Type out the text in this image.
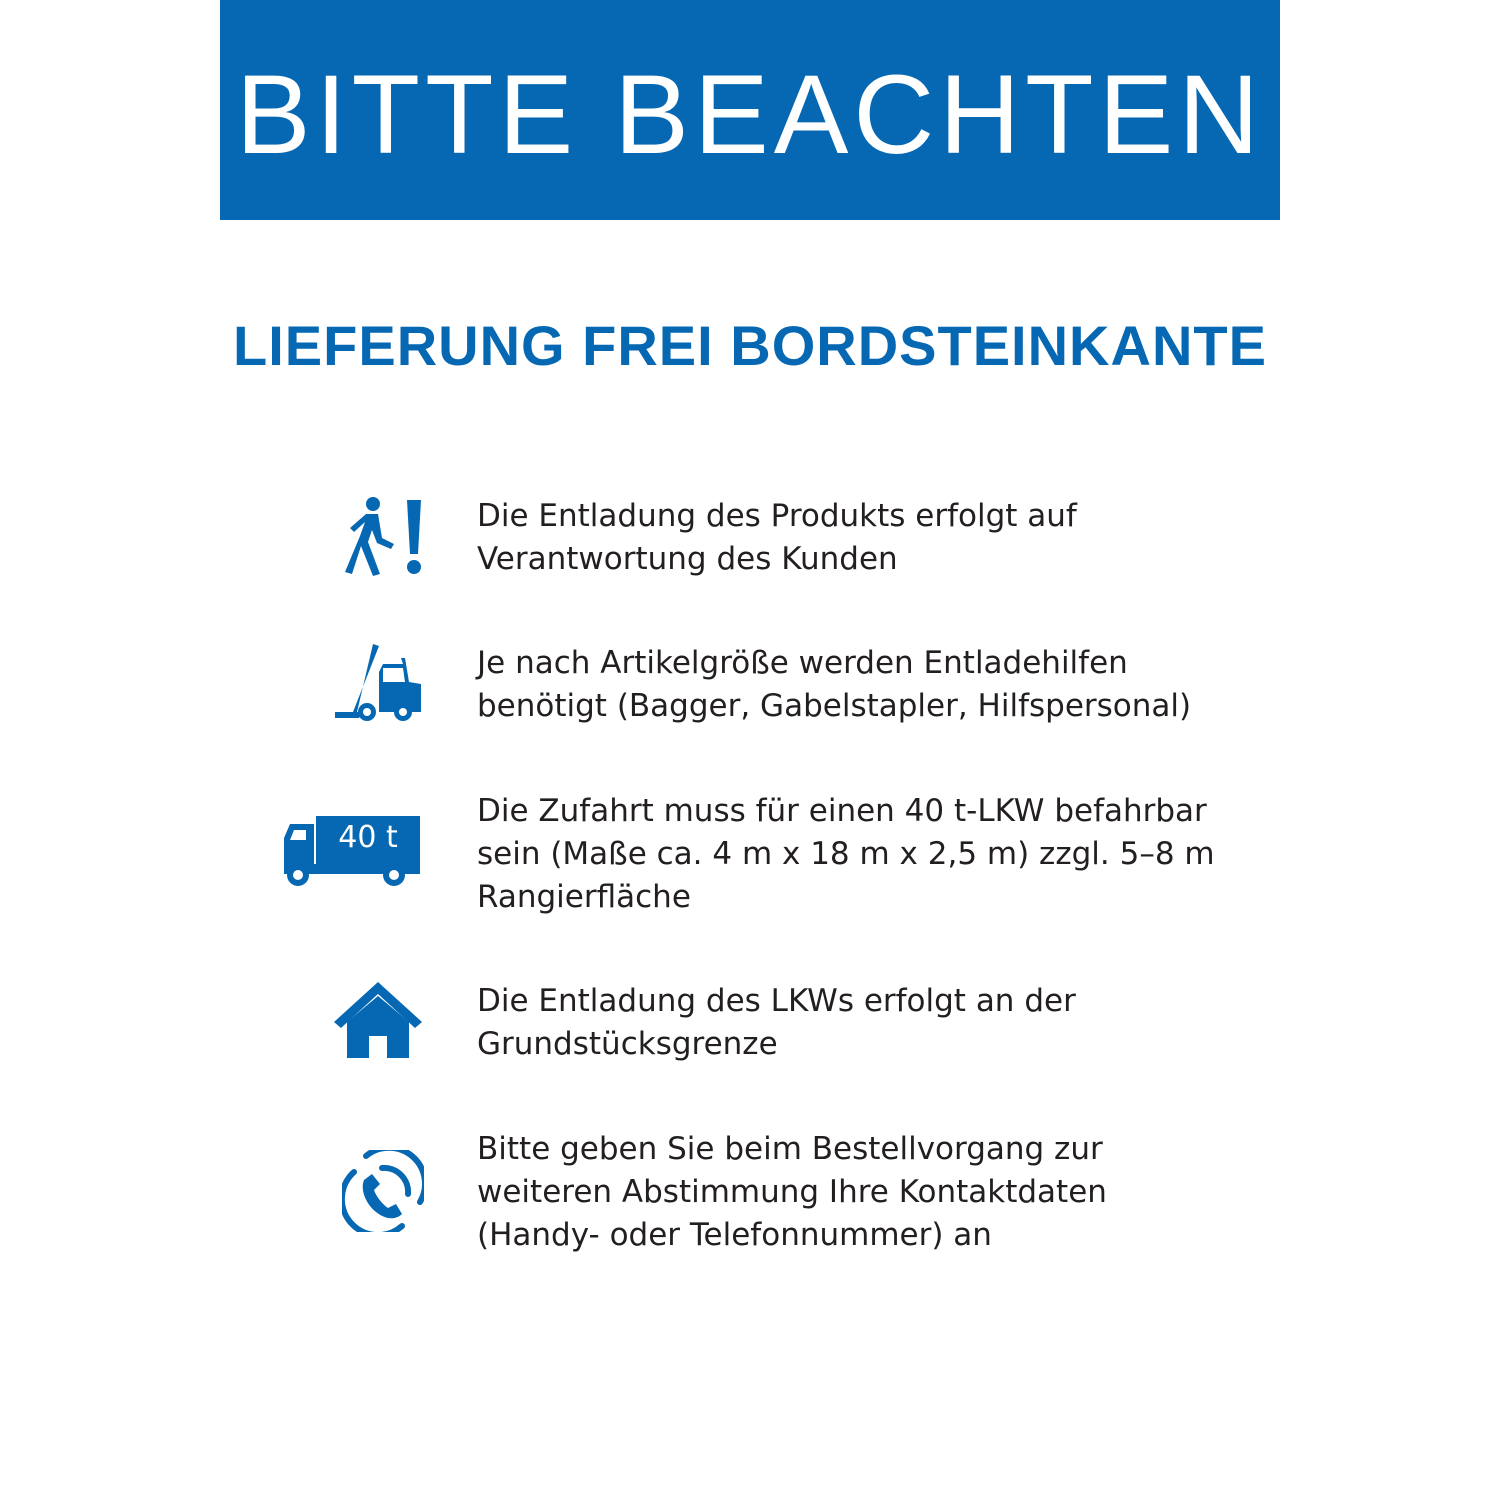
BITTE BEACHTEN
LIEFERUNG FREI BORDSTEINKANTE

Die Entladung des Produkts erfolgt auf
Verantwortung des Kunden

Je nach Artikelgröße werden Entladehilfen
benötigt (Bagger, Gabelstapler, Hilfspersonal)

40 t

Die Zufahrt muss für einen 40 t-LKW befahrbar
sein (Maße ca. 4 m x 18 m x 2,5 m) zzgl. 5–8 m
Rangierfläche

Die Entladung des LKWs erfolgt an der
Grundstücksgrenze

Bitte geben Sie beim Bestellvorgang zur
weiteren Abstimmung Ihre Kontaktdaten
(Handy- oder Telefonnummer) an
